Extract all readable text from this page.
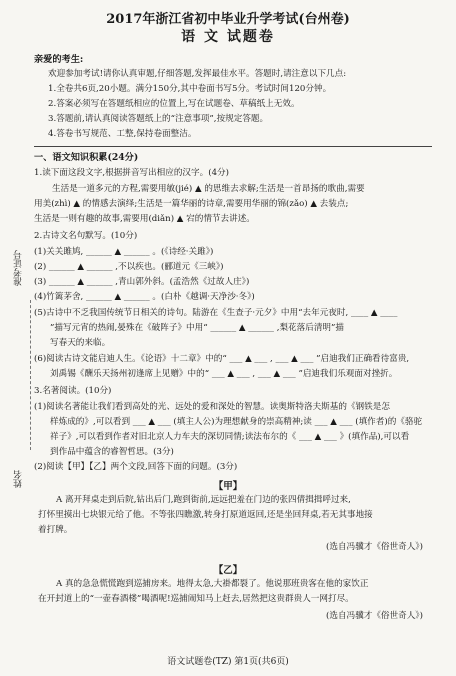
2017年浙江省初中毕业升学考试(台州卷)
语 文 试题卷
亲爱的考生:
欢迎参加考试!请你认真审题,仔细答题,发挥最佳水平。答题时,请注意以下几点:
1.全卷共6页,20小题。满分150分,其中卷面书写5分。考试时间120分钟。
2.答案必须写在答题纸相应的位置上,写在试题卷、草稿纸上无效。
3.答题前,请认真阅读答题纸上的“注意事项”,按规定答题。
4.答卷书写规范、工整,保持卷面整洁。
准考证号
姓名
一、语文知识积累(24分)
1.读下面这段文字,根据拼音写出相应的汉字。(4分)
生活是一道多元的方程,需要用敏(jié) ▲ 的思维去求解;生活是一首昂扬的歌曲,需要
用美(zhì) ▲ 的情感去演绎;生活是一篇华丽的诗章,需要用华丽的锦(zǎo) ▲ 去装点;
生活是一则有趣的故事,需要用(diǎn) ▲ 宕的情节去讲述。
2.古诗文名句默写。(10分)
(1)关关雎鸠, ______ ▲ ______ 。(《诗经·关雎》)
(2) ______ ▲ ______ ,不以疾也。(郦道元《三峡》)
(3) ______ ▲ ______ ,青山郭外斜。(孟浩然《过故人庄》)
(4)竹篱茅舍, ______ ▲ ______ 。(白朴《越调·天净沙·冬》)
(5)古诗中不乏我国传统节日相关的诗句。陆游在《生查子·元夕》中用“去年元夜时, ____ ▲ ____
”描写元宵的热闹,晏殊在《破阵子》中用“ ______ ▲ ______ ,梨花落后清明”描
写春天的来临。
(6)阅读古诗文能启迪人生。《论语》十二章》中的“ ___ ▲ ___ , ___ ▲ ___ ”启迪我们正确看待富贵,
刘禹锡《酬乐天扬州初逢席上见赠》中的“ ___ ▲ ___ , ___ ▲ ___ ”启迪我们乐观面对挫折。
3.名著阅读。(10分)
(1)阅读名著能让我们看到高处的光、远处的爱和深处的智慧。读奥斯特洛夫斯基的《钢铁是怎
样炼成的》,可以看到 ___ ▲ ___ (填主人公)为理想献身的崇高精神;读 ___ ▲ ___ (填作者)的《骆驼
祥子》,可以看到作者对旧北京人力车夫的深切同情;读法布尔的《 ___ ▲ ___ 》(填作品),可以看
到作品中蕴含的睿智哲思。(3分)
(2)阅读【甲】【乙】两个文段,回答下面的问题。(3分)
【甲】
A 离开拜桌走到后院,钻出后门,跑到街前,远远把羞在门边的张四倩揖揖呼过来,
打怀里摸出七块银元给了他。不等张四瞧激,转身打原道返回,还是坐回拜桌,若无其事地接
着打牌。
(选自冯骥才《俗世奇人》)
【乙】
A 真的急急慌慌跑到巡捕房来。地得太急,大褂都裂了。他说那班贵客在他的家饮正
在开封道上的“一壶春酒楼”喝酒呢!巡捕闹知马上赶去,居然把这贵群贵人一网打尽。
(选自冯骥才《俗世奇人》)
语文试题卷(TZ) 第1页(共6页)
